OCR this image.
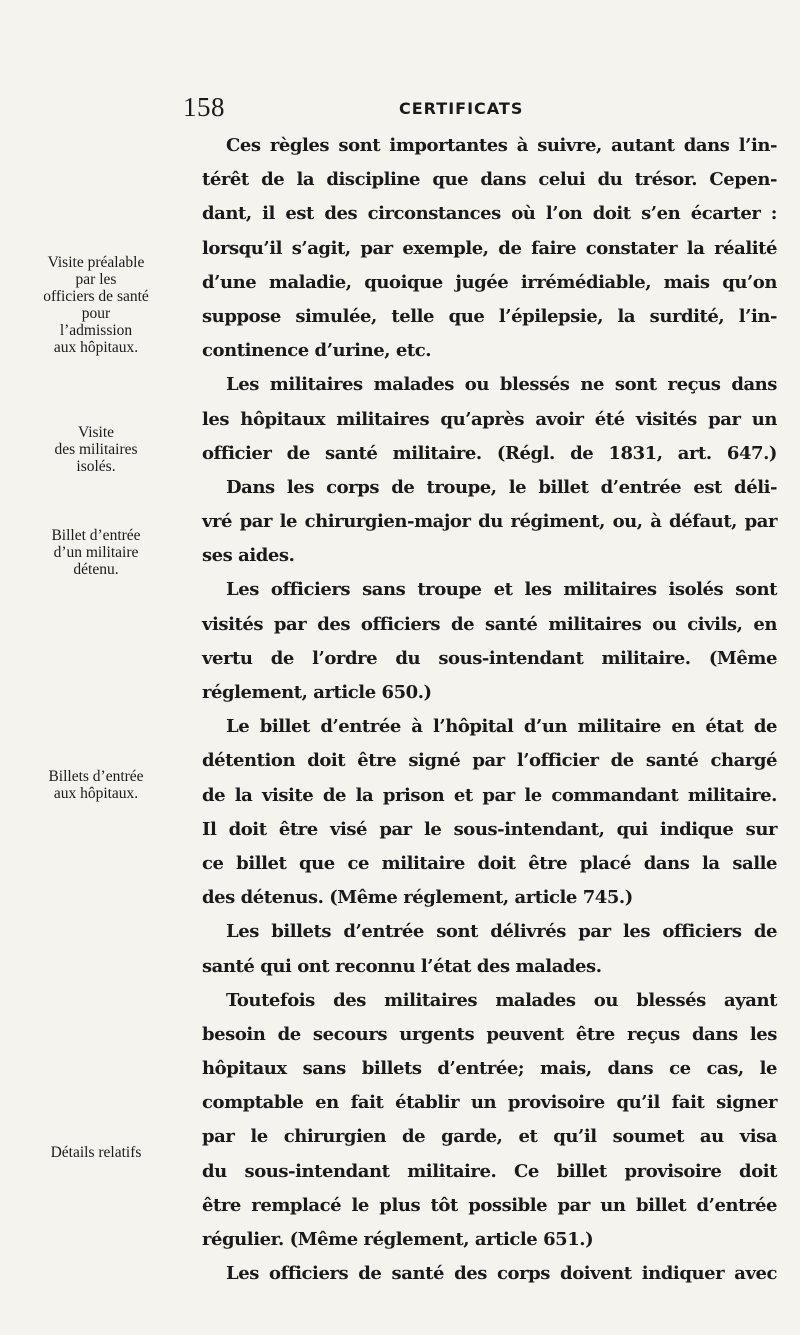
158	CERTIFICATS
Ces règles sont importantes à suivre, autant dans l’in-
térêt de la discipline que dans celui du trésor. Cepen-
dant, il est des circonstances où l’on doit s’en écarter :
lorsqu’il s’agit, par exemple, de faire constater la réalité
d’une maladie, quoique jugée irrémédiable, mais qu’on
suppose simulée, telle que l’épilepsie, la surdité, l’in-
continence d’urine, etc.
Les militaires malades ou blessés ne sont reçus dans
les hôpitaux militaires qu’après avoir été visités par un
officier de santé militaire. (Régl. de 1831, art. 647.)
Dans les corps de troupe, le billet d’entrée est déli-
vré par le chirurgien-major du régiment, ou, à défaut, par
ses aides.
Les officiers sans troupe et les militaires isolés sont
visités par des officiers de santé militaires ou civils, en
vertu de l’ordre du sous-intendant militaire. (Même
réglement, article 650.)
Le billet d’entrée à l’hôpital d’un militaire en état de
détention doit être signé par l’officier de santé chargé
de la visite de la prison et par le commandant militaire.
Il doit être visé par le sous-intendant, qui indique sur
ce billet que ce militaire doit être placé dans la salle
des détenus. (Même réglement, article 745.)
Les billets d’entrée sont délivrés par les officiers de
santé qui ont reconnu l’état des malades.
Toutefois des militaires malades ou blessés ayant
besoin de secours urgents peuvent être reçus dans les
hôpitaux sans billets d’entrée; mais, dans ce cas, le
comptable en fait établir un provisoire qu’il fait signer
par le chirurgien de garde, et qu’il soumet au visa
du sous-intendant militaire. Ce billet provisoire doit
être remplacé le plus tôt possible par un billet d’entrée
régulier. (Même réglement, article 651.)
Les officiers de santé des corps doivent indiquer avec
Visite préalable
par les
officiers de santé
pour
l’admission
aux hôpitaux.
Visite
des militaires
isolés.
Billet d’entrée
d’un militaire
détenu.
Billets d’entrée
aux hôpitaux.
Détails relatifs
